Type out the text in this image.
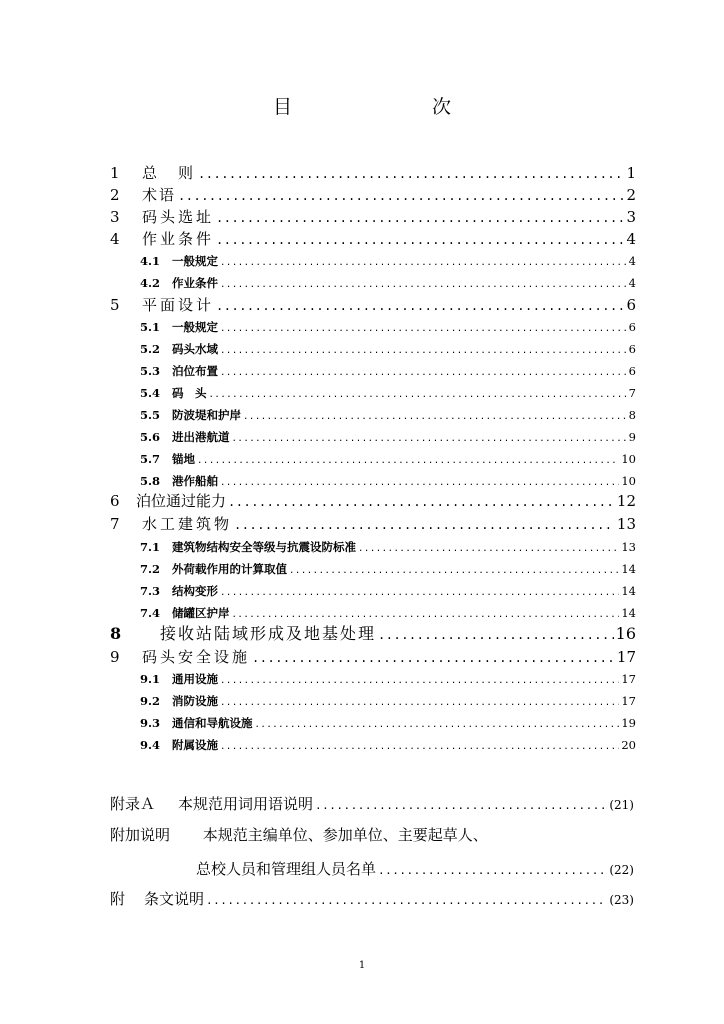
目　　次
1	总　则 .....	1
2	术语 .....	2
3	码头选址 .....	3
4	作业条件 .....	4
4.1	一般规定 .....	4
4.2	作业条件 .....	4
5	平面设计 .....	6
5.1	一般规定 .....	6
5.2	码头水域 .....	6
5.3	泊位布置 .....	6
5.4	码　头 .....	7
5.5	防波堤和护岸 .....	8
5.6	进出港航道 .....	9
5.7	锚地 .....	10
5.8	港作船舶 .....	10
6	泊位通过能力 .....	12
7	水工建筑物 .....	13
7.1	建筑物结构安全等级与抗震设防标准 .....	13
7.2	外荷载作用的计算取值 .....	14
7.3	结构变形 .....	14
7.4	储罐区护岸 .....	14
8	接收站陆域形成及地基处理 .....	16
9	码头安全设施 .....	17
9.1	通用设施 .....	17
9.2	消防设施 .....	17
9.3	通信和导航设施 .....	19
9.4	附属设施 .....	20
附录Ａ	本规范用词用语说明 .....	(21)
附加说明 本规范主编单位、参加单位、主要起草人、
总校人员和管理组人员名单 .....	(22)
附	条文说明 .....	(23)
1
